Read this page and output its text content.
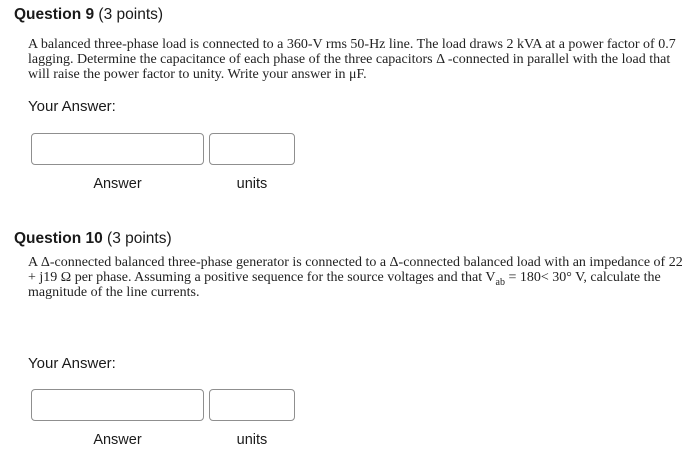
Question 9 (3 points)
A balanced three-phase load is connected to a 360-V rms 50-Hz line. The load draws 2 kVA at a power factor of 0.7 lagging. Determine the capacitance of each phase of the three capacitors Δ -connected in parallel with the load that will raise the power factor to unity. Write your answer in μF.
Your Answer:
Answer	units
Question 10 (3 points)
A Δ-connected balanced three-phase generator is connected to a Δ-connected balanced load with an impedance of 22 + j19 Ω per phase. Assuming a positive sequence for the source voltages and that $V_{ab} = 180< 30^\circ$ V, calculate the magnitude of the line currents.
Your Answer:
Answer	units
